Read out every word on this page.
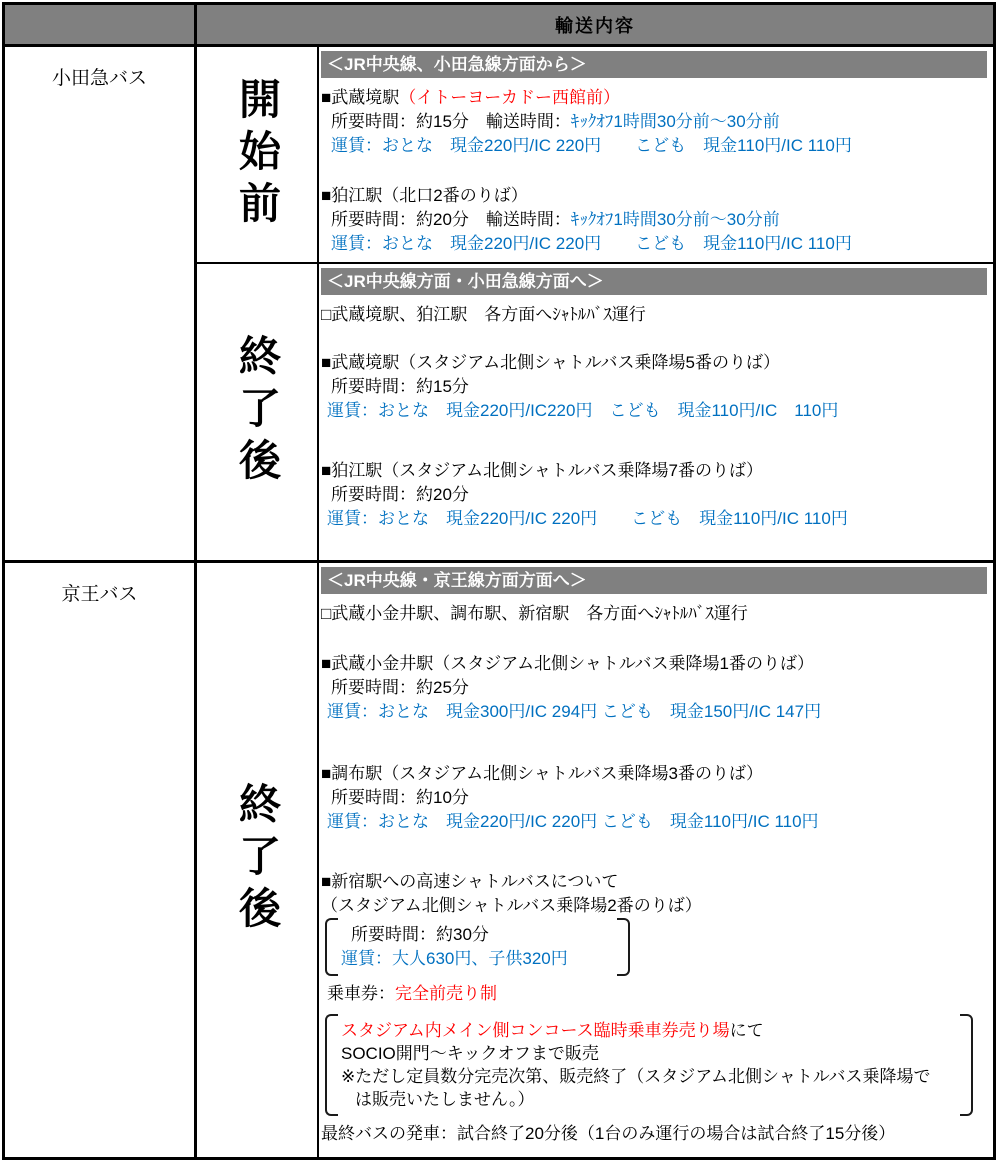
輸送内容
小田急バス	開始前
＜JR中央線、小田急線方面から＞
■武蔵境駅（イトーヨーカドー西館前）
所要時間：約15分　輸送時間：ｷｯｸｵﾌ1時間30分前～30分前
運賃：おとな　現金220円/IC 220円　　こども　現金110円/IC 110円
■狛江駅（北口2番のりば）
所要時間：約20分　輸送時間：ｷｯｸｵﾌ1時間30分前～30分前
運賃：おとな　現金220円/IC 220円　　こども　現金110円/IC 110円
終了後
＜JR中央線方面・小田急線方面へ＞
□武蔵境駅、狛江駅　各方面へｼｬﾄﾙﾊﾞｽ運行
■武蔵境駅（スタジアム北側シャトルバス乗降場5番のりば）
所要時間：約15分
運賃：おとな　現金220円/IC220円　こども　現金110円/IC　110円
■狛江駅（スタジアム北側シャトルバス乗降場7番のりば）
所要時間：約20分
運賃：おとな　現金220円/IC 220円　　こども　現金110円/IC 110円
京王バス
終了後
＜JR中央線・京王線方面方面へ＞
□武蔵小金井駅、調布駅、新宿駅　各方面へｼｬﾄﾙﾊﾞｽ運行
■武蔵小金井駅（スタジアム北側シャトルバス乗降場1番のりば）
所要時間：約25分
運賃：おとな　現金300円/IC 294円 こども　現金150円/IC 147円
■調布駅（スタジアム北側シャトルバス乗降場3番のりば）
所要時間：約10分
運賃：おとな　現金220円/IC 220円 こども　現金110円/IC 110円
■新宿駅への高速シャトルバスについて
（スタジアム北側シャトルバス乗降場2番のりば）
所要時間：約30分
運賃：大人630円、子供320円
乗車券：完全前売り制
スタジアム内メイン側コンコース臨時乗車券売り場にて
SOCIO開門～キックオフまで販売
※ただし定員数分完売次第、販売終了（スタジアム北側シャトルバス乗降場で
は販売いたしません。）
最終バスの発車：試合終了20分後（1台のみ運行の場合は試合終了15分後）
